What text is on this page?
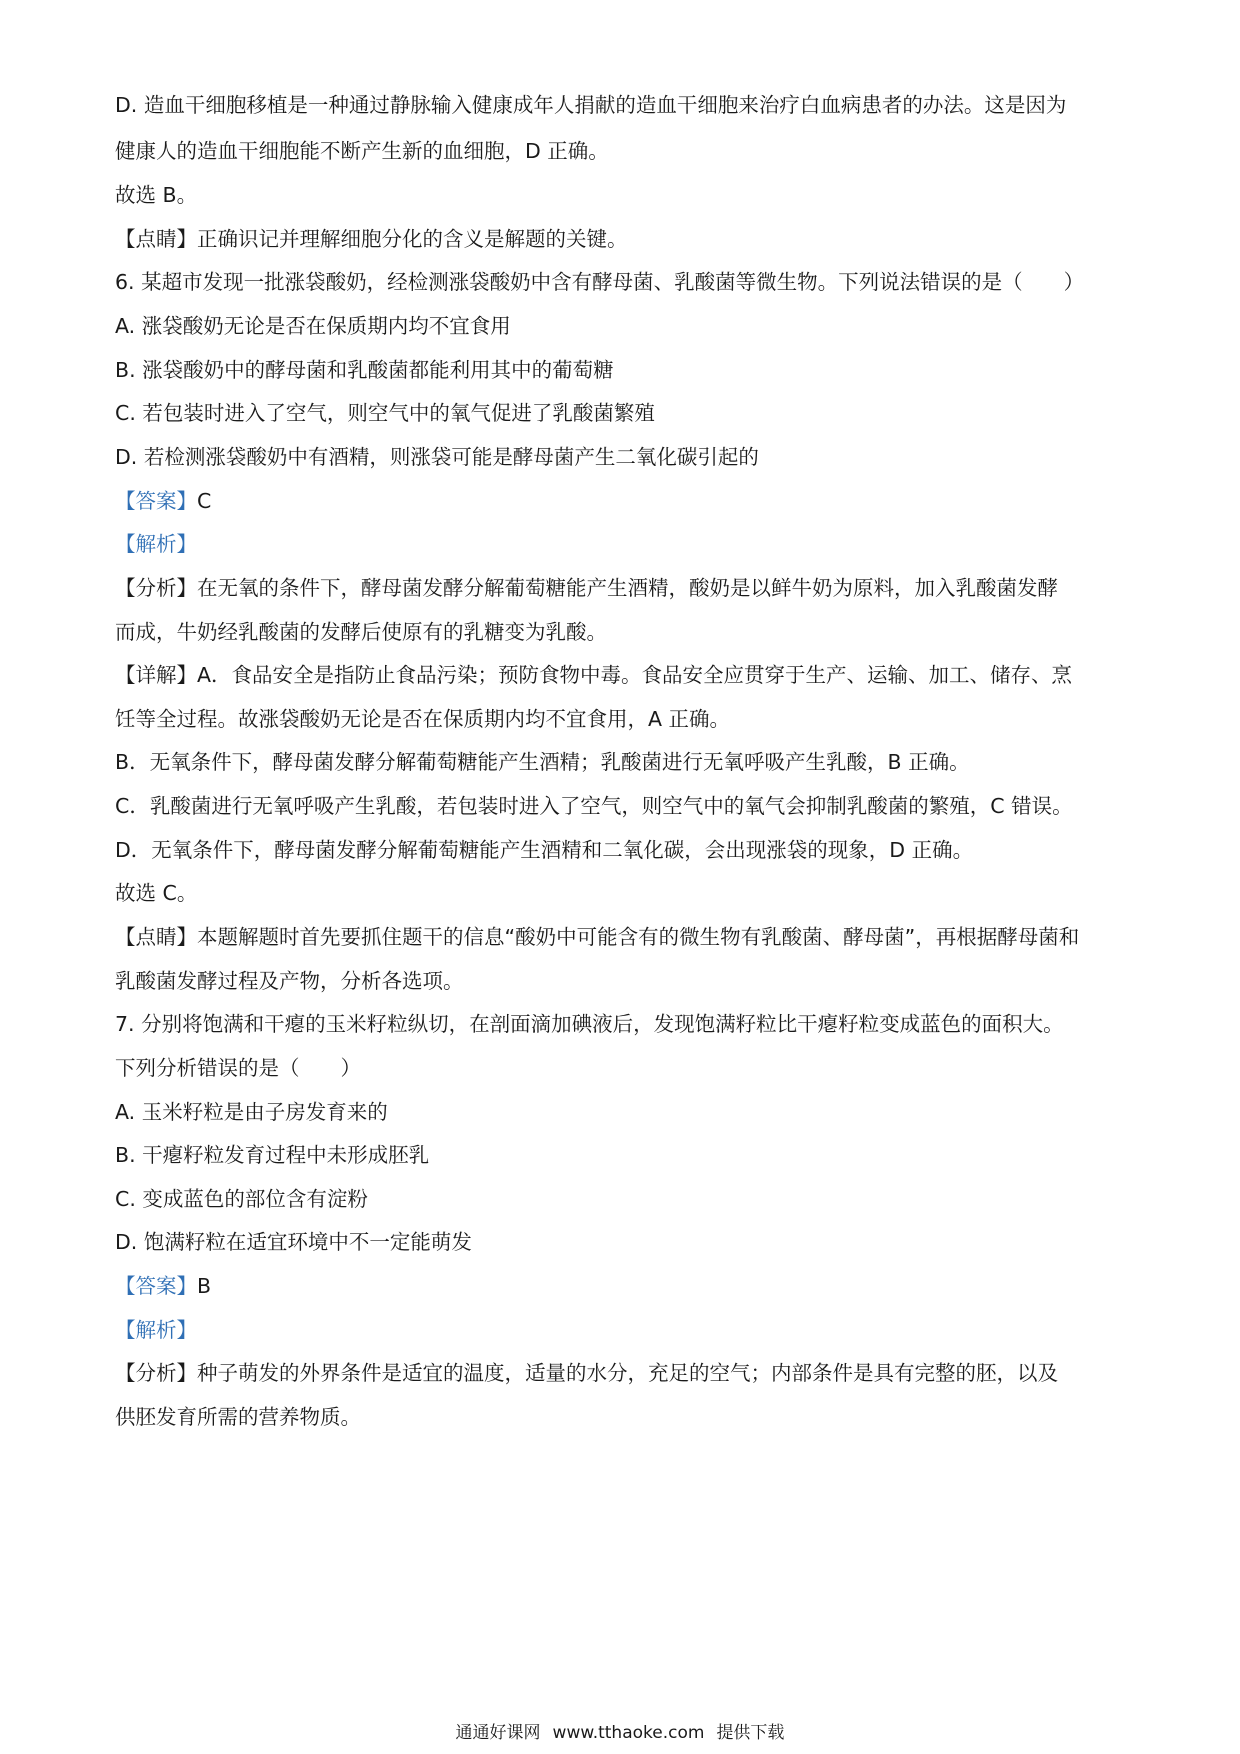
D. 造血干细胞移植是一种通过静脉输入健康成年人捐献的造血干细胞来治疗白血病患者的办法。这是因为
健康人的造血干细胞能不断产生新的血细胞，D 正确。
故选 B。
【点睛】正确识记并理解细胞分化的含义是解题的关键。
6. 某超市发现一批涨袋酸奶，经检测涨袋酸奶中含有酵母菌、乳酸菌等微生物。下列说法错误的是（　　）
A. 涨袋酸奶无论是否在保质期内均不宜食用
B. 涨袋酸奶中的酵母菌和乳酸菌都能利用其中的葡萄糖
C. 若包装时进入了空气，则空气中的氧气促进了乳酸菌繁殖
D. 若检测涨袋酸奶中有酒精，则涨袋可能是酵母菌产生二氧化碳引起的
【答案】C
【解析】
【分析】在无氧的条件下，酵母菌发酵分解葡萄糖能产生酒精，酸奶是以鲜牛奶为原料，加入乳酸菌发酵
而成，牛奶经乳酸菌的发酵后使原有的乳糖变为乳酸。
【详解】A．食品安全是指防止食品污染；预防食物中毒。食品安全应贯穿于生产、运输、加工、储存、烹
饪等全过程。故涨袋酸奶无论是否在保质期内均不宜食用，A 正确。
B．无氧条件下，酵母菌发酵分解葡萄糖能产生酒精；乳酸菌进行无氧呼吸产生乳酸，B 正确。
C．乳酸菌进行无氧呼吸产生乳酸，若包装时进入了空气，则空气中的氧气会抑制乳酸菌的繁殖，C 错误。
D．无氧条件下，酵母菌发酵分解葡萄糖能产生酒精和二氧化碳，会出现涨袋的现象，D 正确。
故选 C。
【点睛】本题解题时首先要抓住题干的信息“酸奶中可能含有的微生物有乳酸菌、酵母菌”，再根据酵母菌和
乳酸菌发酵过程及产物，分析各选项。
7. 分别将饱满和干瘪的玉米籽粒纵切，在剖面滴加碘液后，发现饱满籽粒比干瘪籽粒变成蓝色的面积大。
下列分析错误的是（　　）
A. 玉米籽粒是由子房发育来的
B. 干瘪籽粒发育过程中未形成胚乳
C. 变成蓝色的部位含有淀粉
D. 饱满籽粒在适宜环境中不一定能萌发
【答案】B
【解析】
【分析】种子萌发的外界条件是适宜的温度，适量的水分，充足的空气；内部条件是具有完整的胚，以及
供胚发育所需的营养物质。
通通好课网 www.tthaoke.com 提供下载
